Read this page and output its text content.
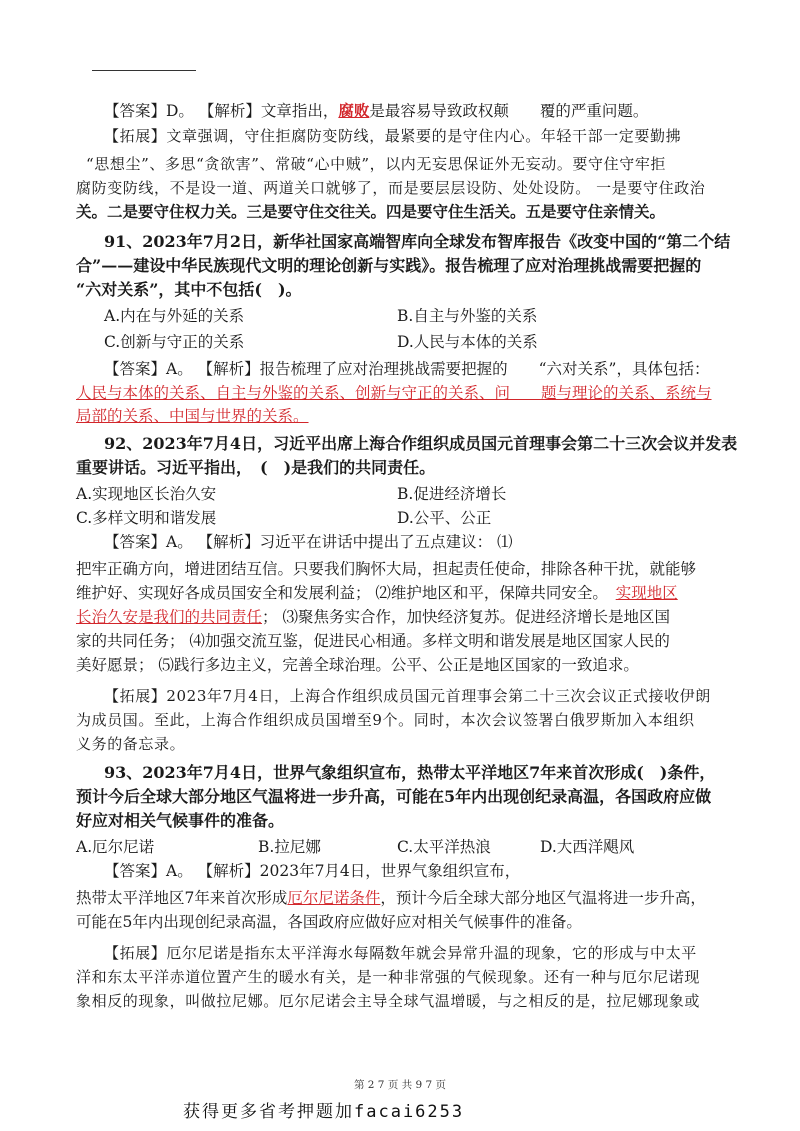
【答案】D。 【解析】文章指出，腐败是最容易导致政权颠　　覆的严重问题。
【拓展】文章强调，守住拒腐防变防线，最紧要的是守住内心。年轻干部一定要勤拂
“思想尘”、多思“贪欲害”、常破“心中贼”，以内无妄思保证外无妄动。要守住守牢拒
腐防变防线，不是设一道、两道关口就够了，而是要层层设防、处处设防。 一是要守住政治
关。二是要守住权力关。三是要守住交往关。四是要守住生活关。五是要守住亲情关。
91、2023年7月2日，新华社国家高端智库向全球发布智库报告《改变中国的“第二个结
合”——建设中华民族现代文明的理论创新与实践》。报告梳理了应对治理挑战需要把握的
“六对关系”，其中不包括(　)。
A.内在与外延的关系	B.自主与外鉴的关系
C.创新与守正的关系	D.人民与本体的关系
【答案】A。 【解析】报告梳理了应对治理挑战需要把握的　　“六对关系”，具体包括：
人民与本体的关系、自主与外鉴的关系、创新与守正的关系、问　　题与理论的关系、系统与
局部的关系、中国与世界的关系。
92、2023年7月4日，习近平出席上海合作组织成员国元首理事会第二十三次会议并发表
重要讲话。习近平指出，　(　)是我们的共同责任。
A.实现地区长治久安	B.促进经济增长
C.多样文明和谐发展	D.公平、公正
【答案】A。 【解析】习近平在讲话中提出了五点建议： ⑴
把牢正确方向，增进团结互信。只要我们胸怀大局，担起责任使命，排除各种干扰，就能够
维护好、实现好各成员国安全和发展利益； ⑵维护地区和平，保障共同安全。　 实现地区
长治久安是我们的共同责任； ⑶聚焦务实合作，加快经济复苏。促进经济增长是地区国
家的共同任务； ⑷加强交流互鉴，促进民心相通。多样文明和谐发展是地区国家人民的
美好愿景； ⑸践行多边主义，完善全球治理。公平、公正是地区国家的一致追求。
【拓展】2023年7月4日，上海合作组织成员国元首理事会第二十三次会议正式接收伊朗
为成员国。至此，上海合作组织成员国增至9个。同时，本次会议签署白俄罗斯加入本组织
义务的备忘录。
93、2023年7月4日，世界气象组织宣布，热带太平洋地区7年来首次形成(　)条件，
预计今后全球大部分地区气温将进一步升高，可能在5年内出现创纪录高温，各国政府应做
好应对相关气候事件的准备。
A.厄尔尼诺	B.拉尼娜	C.太平洋热浪	D.大西洋飓风
【答案】A。 【解析】2023年7月4日，世界气象组织宣布，
热带太平洋地区7年来首次形成厄尔尼诺条件，预计今后全球大部分地区气温将进一步升高，
可能在5年内出现创纪录高温，各国政府应做好应对相关气候事件的准备。
【拓展】厄尔尼诺是指东太平洋海水每隔数年就会异常升温的现象，它的形成与中太平
洋和东太平洋赤道位置产生的暖水有关，是一种非常强的气候现象。还有一种与厄尔尼诺现
象相反的现象，叫做拉尼娜。厄尔尼诺会主导全球气温增暖，与之相反的是，拉尼娜现象或
第 2 7 页 共 9 7 页
获得更多省考押题加facai6253
